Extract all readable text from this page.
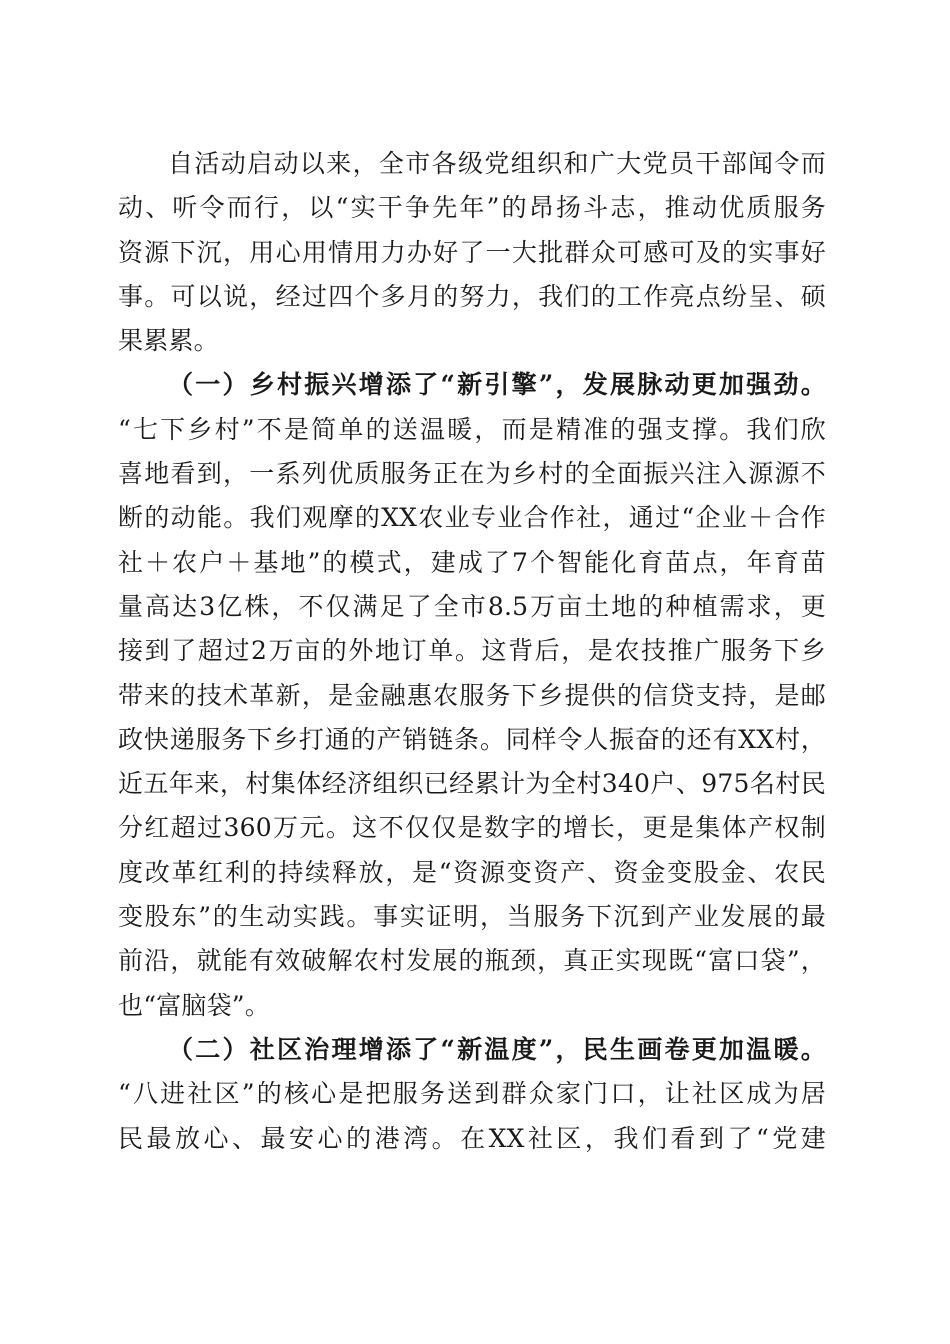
自活动启动以来，全市各级党组织和广大党员干部闻令而
动、听令而行，以“实干争先年”的昂扬斗志，推动优质服务
资源下沉，用心用情用力办好了一大批群众可感可及的实事好
事。可以说，经过四个多月的努力，我们的工作亮点纷呈、硕
果累累。
（一）乡村振兴增添了“新引擎”，发展脉动更加强劲。
“七下乡村”不是简单的送温暖，而是精准的强支撑。我们欣
喜地看到，一系列优质服务正在为乡村的全面振兴注入源源不
断的动能。我们观摩的XX农业专业合作社，通过“企业＋合作
社＋农户＋基地”的模式，建成了7个智能化育苗点，年育苗
量高达3亿株，不仅满足了全市8.5万亩土地的种植需求，更
接到了超过2万亩的外地订单。这背后，是农技推广服务下乡
带来的技术革新，是金融惠农服务下乡提供的信贷支持，是邮
政快递服务下乡打通的产销链条。同样令人振奋的还有XX村，
近五年来，村集体经济组织已经累计为全村340户、975名村民
分红超过360万元。这不仅仅是数字的增长，更是集体产权制
度改革红利的持续释放，是“资源变资产、资金变股金、农民
变股东”的生动实践。事实证明，当服务下沉到产业发展的最
前沿，就能有效破解农村发展的瓶颈，真正实现既“富口袋”，
也“富脑袋”。
（二）社区治理增添了“新温度”，民生画卷更加温暖。
“八进社区”的核心是把服务送到群众家门口，让社区成为居
民最放心、最安心的港湾。在XX社区，我们看到了“党建
